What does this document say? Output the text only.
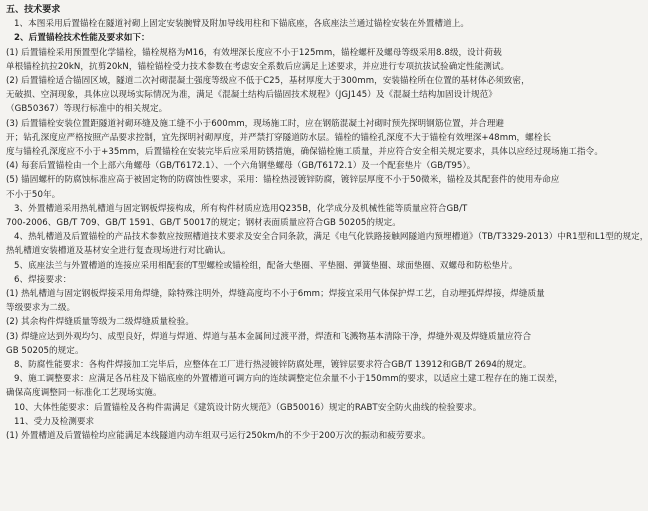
五、技术要求
1、本图采用后置锚栓在隧道衬砌上固定安装腕臂及附加导线用柱和下锚底座，各底座法兰通过锚栓安装在外置槽道上。
2、后置锚栓技术性能及要求如下：
(1) 后置锚栓采用预置型化学锚栓，锚栓规格为M16，有效埋深长度应不小于125mm，锚栓螺杆及螺母等级采用8.8级，设计荷载
单根锚栓抗拉20kN，抗剪20kN，锚栓锚栓受力技术参数在考虑安全系数后应满足上述要求，并应进行专项抗拔试验确定性能测试。
(2) 后置锚栓适合锚固区域，隧道二次衬砌混凝土强度等级应不低于C25，基材厚度大于300mm，安装锚栓所在位置的基材体必须致密，
无破损、空洞现象，具体应以现场实际情况为准，满足《混凝土结构后锚固技术规程》（JGJ145）及《混凝土结构加固设计规范》
（GB50367）等现行标准中的相关规定。
(3) 后置锚栓安装位置距隧道衬砌环缝及施工缝不小于600mm，现场施工时，应在钢筋混凝土衬砌时预先探明钢筋位置，并合理避
开；钻孔深度应严格按照产品要求控制，宜先探明衬砌厚度，并严禁打穿隧道防水层。锚栓的锚栓孔深度不大于锚栓有效埋深+48mm，螺栓长
度与锚栓孔深度应不小于+35mm，后置锚栓在安装完毕后应采用防锈措施，确保锚栓施工质量，并应符合安全相关规定要求，具体以应经过现场施工指令。
(4) 每套后置锚栓由一个上部六角螺母（GB/T6172.1）、一个六角钢垫螺母（GB/T6172.1）及一个配套垫片（GB/T95）。
(5) 锚固螺杆的防腐蚀标准应高于被固定物的防腐蚀性要求，采用：锚栓热浸镀锌防腐，镀锌层厚度不小于50微米，锚栓及其配套件的使用寿命应
不小于50年。
3、外置槽道采用热轧槽道与固定钢板焊接构成，所有构件材质应选用Q235B，化学成分及机械性能等质量应符合GB/T
700-2006、GB/T 709、GB/T 1591、GB/T 50017的规定；钢材表面质量应符合GB 50205的规定。
4、热轧槽道及后置锚栓的产品技术参数应按照槽道技术要求及安全合同条款，满足《电气化铁路接触网隧道内预埋槽道》（TB/T3329-2013）中R1型和L1型的规定，
热轧槽道安装槽道及基材安全进行复查现场进行对比确认。
5、底座法兰与外置槽道的连接应采用相配套的T型螺栓或锚栓组，配备大垫圈、平垫圈、弹簧垫圈、球面垫圈、双螺母和防松垫片。
6、焊接要求：
(1) 热轧槽道与固定钢板焊接采用角焊缝，除特殊注明外，焊缝高度均不小于6mm；焊接宜采用气体保护焊工艺，自动埋弧焊焊接，焊缝质量
等级要求为二级。
(2) 其余构件焊缝质量等级为二级焊缝质量检验。
(3) 焊缝应达到外观均匀、成型良好，焊道与焊道、焊道与基本金属间过渡平滑，焊渣和飞溅物基本清除干净，焊缝外观及焊缝质量应符合
GB 50205的规定。
8、防腐性能要求：各构件焊接加工完毕后，应整体在工厂进行热浸镀锌防腐处理，镀锌层要求符合GB/T 13912和GB/T 2694的规定。
9、施工调整要求：应满足各吊柱及下锚底座的外置槽道可调方向的连续调整定位余量不小于150mm的要求，以适应土建工程存在的施工误差，
确保高度调整同一标准化工艺现场实施。
10、大体性能要求：后置锚栓及各构件需满足《建筑设计防火规范》（GB50016）规定的RABT安全防火曲线的检验要求。
11、受力及检测要求
(1) 外置槽道及后置锚栓均应能满足本线隧道内动车组双弓运行250km/h的不少于200万次的振动和疲劳要求。
